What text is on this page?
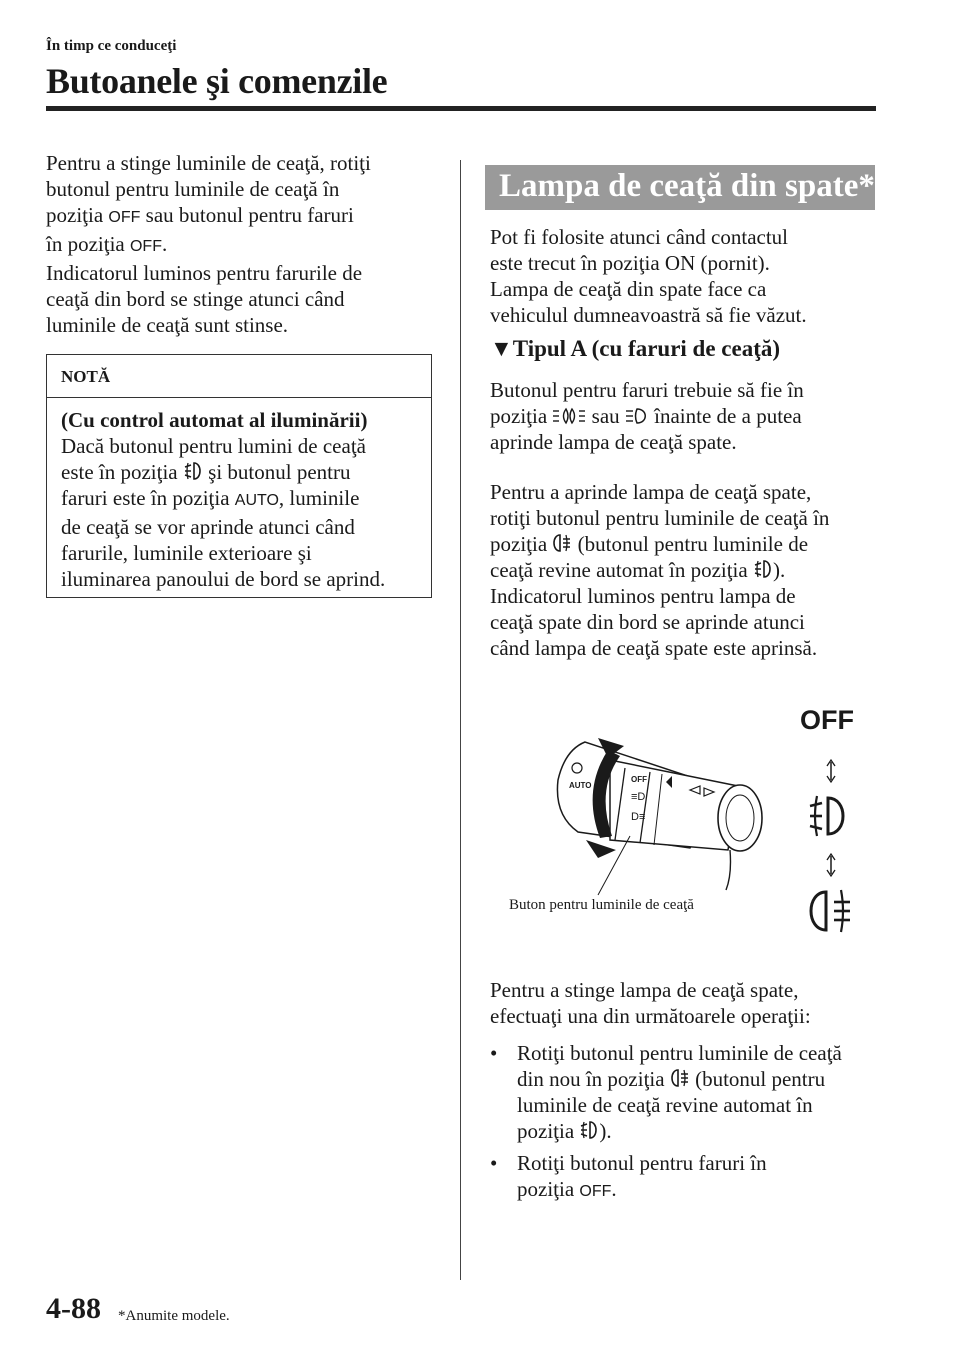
În timp ce conduceţi
Butoanele şi comenzile
Pentru a stinge luminile de ceaţă, rotiţi
butonul pentru luminile de ceaţă în
poziţia OFF sau butonul pentru faruri
în poziţia OFF.
Indicatorul luminos pentru farurile de
ceaţă din bord se stinge atunci când
luminile de ceaţă sunt stinse.
NOTĂ
(Cu control automat al iluminării)
Dacă butonul pentru lumini de ceaţă
este în poziţia  şi butonul pentru
faruri este în poziţia AUTO, luminile
de ceaţă se vor aprinde atunci când
farurile, luminile exterioare şi
iluminarea panoului de bord se aprind.
Lampa de ceaţă din spate*
Pot fi folosite atunci când contactul
este trecut în poziţia ON (pornit).
Lampa de ceaţă din spate face ca
vehiculul dumneavoastră să fie văzut.
▼Tipul A (cu faruri de ceaţă)
Butonul pentru faruri trebuie să fie în
poziţia  sau  înainte de a putea
aprinde lampa de ceaţă spate.
Pentru a aprinde lampa de ceaţă spate,
rotiţi butonul pentru luminile de ceaţă în
poziţia  (butonul pentru luminile de
ceaţă revine automat în poziţia ).
Indicatorul luminos pentru lampa de
ceaţă spate din bord se aprinde atunci
când lampa de ceaţă spate este aprinsă.
OFF
AUTO
≡D
D≡
OFF
Buton pentru luminile de ceaţă
Pentru a stinge lampa de ceaţă spate,
efectuaţi una din următoarele operaţii:
• Rotiţi butonul pentru luminile de ceaţă
din nou în poziţia  (butonul pentru
luminile de ceaţă revine automat în
poziţia ).
• Rotiţi butonul pentru faruri în
poziţia OFF.
4-88 *Anumite modele.
